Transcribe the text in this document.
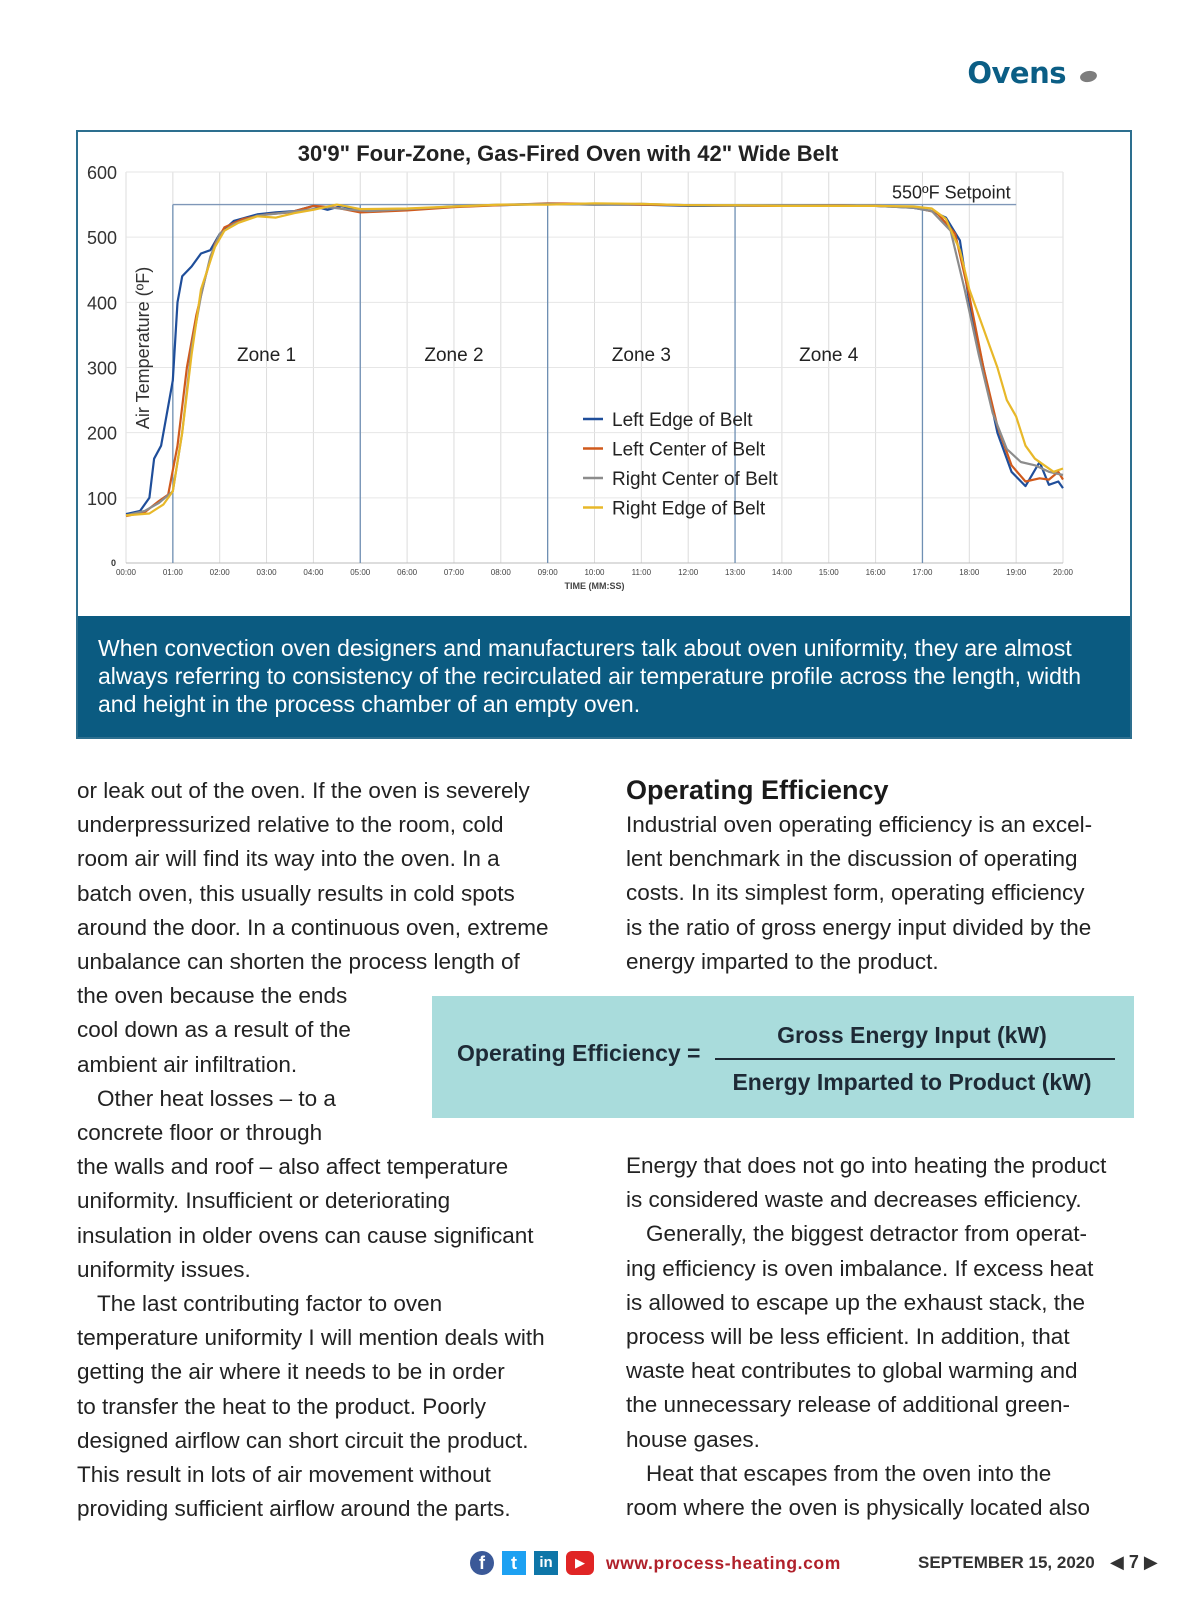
Ovens
550ºF Setpoint
0
100
200
300
400
500
600
00:00	01:00	02:00	03:00	04:00	05:00	06:00	07:00	08:00	09:00	10:00	11:00	12:00	13:00	14:00	15:00	16:00	17:00	18:00	19:00	20:00
TIME (MM:SS)
Air Temperature (ºF)
30'9" Four-Zone, Gas-Fired Oven with 42" Wide Belt
Zone 1	Zone 2	Zone 3	Zone 4
Left Edge of Belt
Left Center of Belt
Right Center of Belt
Right Edge of Belt
When convection oven designers and manufacturers talk about oven uniformity, they are almost always referring to consistency of the recirculated air temperature profile across the length, width and height in the process chamber of an empty oven.
or leak out of the oven. If the oven is severely
underpressurized relative to the room, cold
room air will find its way into the oven. In a
batch oven, this usually results in cold spots
around the door. In a continuous oven, extreme
unbalance can shorten the process length of
the oven because the ends
cool down as a result of the
ambient air infiltration.
Other heat losses – to a
concrete floor or through
the walls and roof – also affect temperature
uniformity. Insufficient or deteriorating
insulation in older ovens can cause significant
uniformity issues.
The last contributing factor to oven
temperature uniformity I will mention deals with
getting the air where it needs to be in order
to transfer the heat to the product. Poorly
designed airflow can short circuit the product.
This result in lots of air movement without
providing sufficient airflow around the parts.
Operating Efficiency
Industrial oven operating efficiency is an excel-
lent benchmark in the discussion of operating
costs. In its simplest form, operating efficiency
is the ratio of gross energy input divided by the
energy imparted to the product.
Operating Efficiency =
Gross Energy Input (kW)
Energy Imparted to Product (kW)
Energy that does not go into heating the product
is considered waste and decreases efficiency.
Generally, the biggest detractor from operat-
ing efficiency is oven imbalance. If excess heat
is allowed to escape up the exhaust stack, the
process will be less efficient. In addition, that
waste heat contributes to global warming and
the unnecessary release of additional green-
house gases.
Heat that escapes from the oven into the
room where the oven is physically located also
f	t	in	▶	www.process-heating.com	SEPTEMBER 15, 2020 ◀ 7 ▶
